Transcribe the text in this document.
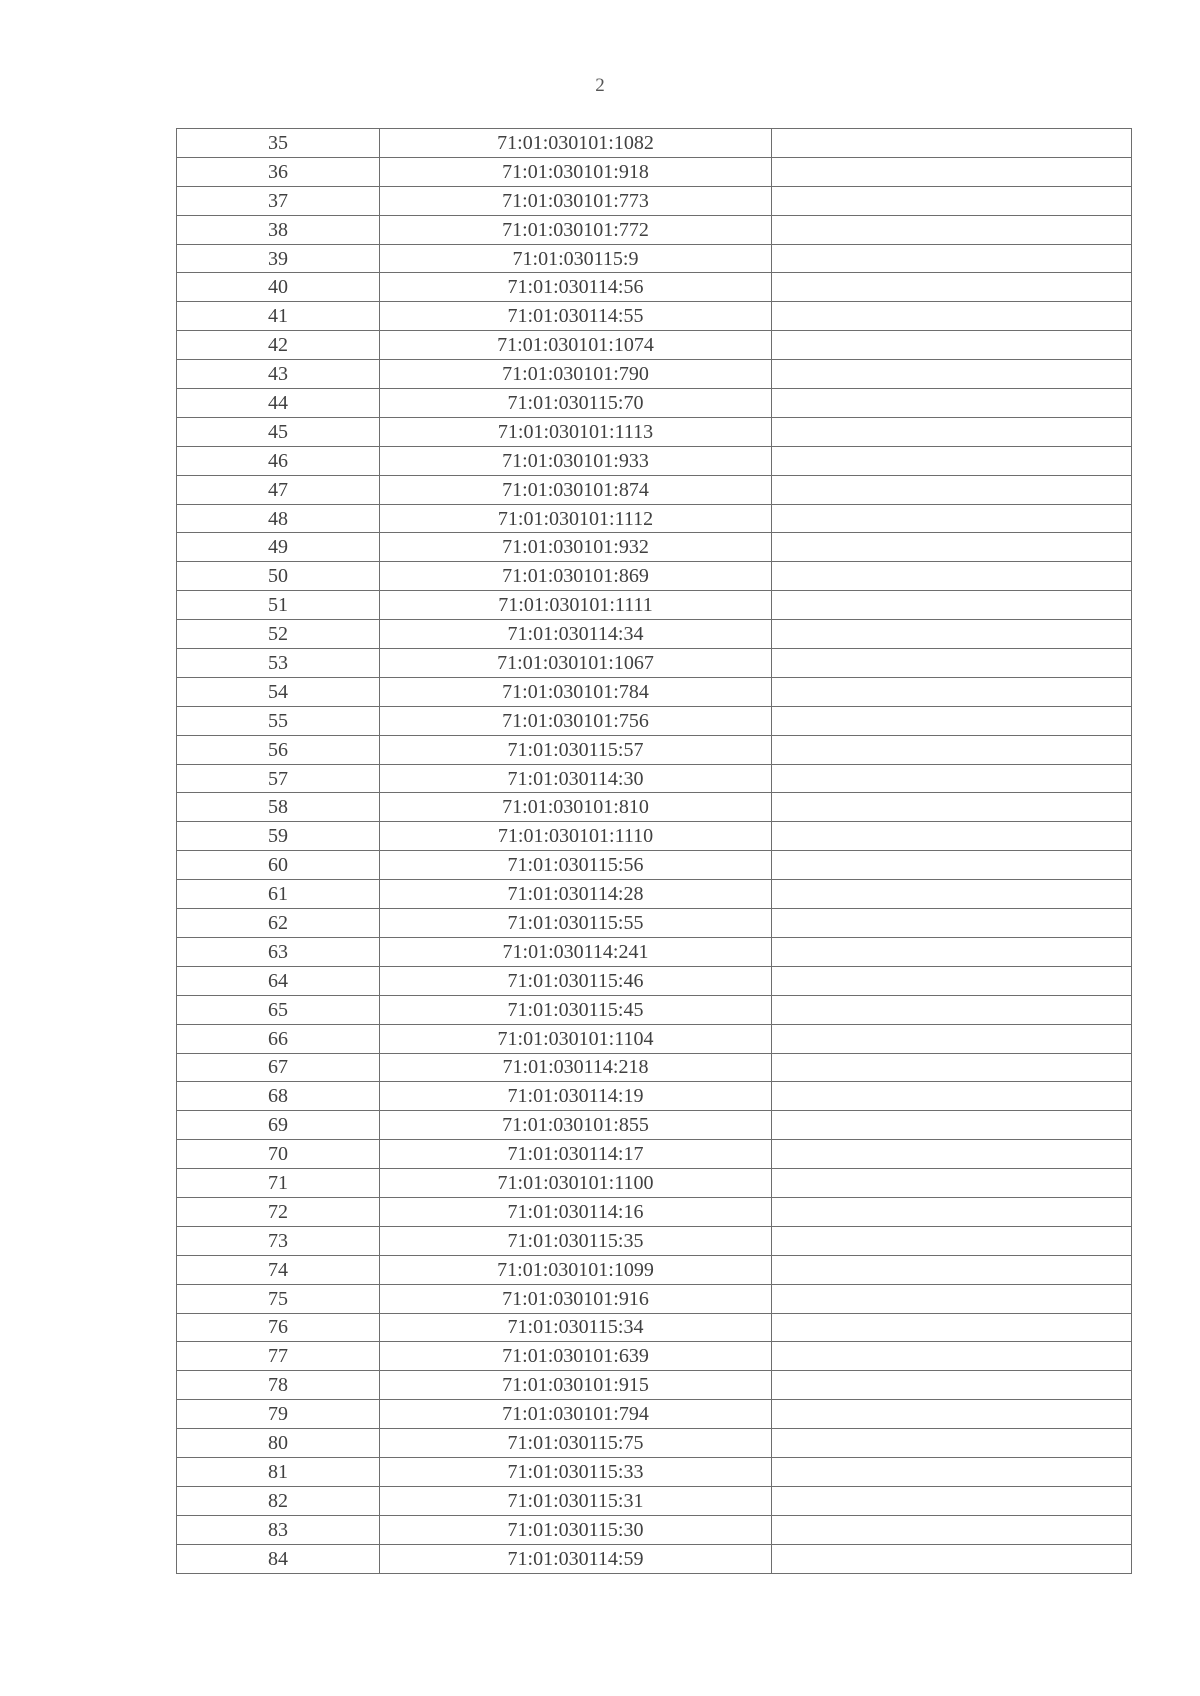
2
35	71:01:030101:1082	
36	71:01:030101:918	
37	71:01:030101:773	
38	71:01:030101:772	
39	71:01:030115:9	
40	71:01:030114:56	
41	71:01:030114:55	
42	71:01:030101:1074	
43	71:01:030101:790	
44	71:01:030115:70	
45	71:01:030101:1113	
46	71:01:030101:933	
47	71:01:030101:874	
48	71:01:030101:1112	
49	71:01:030101:932	
50	71:01:030101:869	
51	71:01:030101:1111	
52	71:01:030114:34	
53	71:01:030101:1067	
54	71:01:030101:784	
55	71:01:030101:756	
56	71:01:030115:57	
57	71:01:030114:30	
58	71:01:030101:810	
59	71:01:030101:1110	
60	71:01:030115:56	
61	71:01:030114:28	
62	71:01:030115:55	
63	71:01:030114:241	
64	71:01:030115:46	
65	71:01:030115:45	
66	71:01:030101:1104	
67	71:01:030114:218	
68	71:01:030114:19	
69	71:01:030101:855	
70	71:01:030114:17	
71	71:01:030101:1100	
72	71:01:030114:16	
73	71:01:030115:35	
74	71:01:030101:1099	
75	71:01:030101:916	
76	71:01:030115:34	
77	71:01:030101:639	
78	71:01:030101:915	
79	71:01:030101:794	
80	71:01:030115:75	
81	71:01:030115:33	
82	71:01:030115:31	
83	71:01:030115:30	
84	71:01:030114:59	
